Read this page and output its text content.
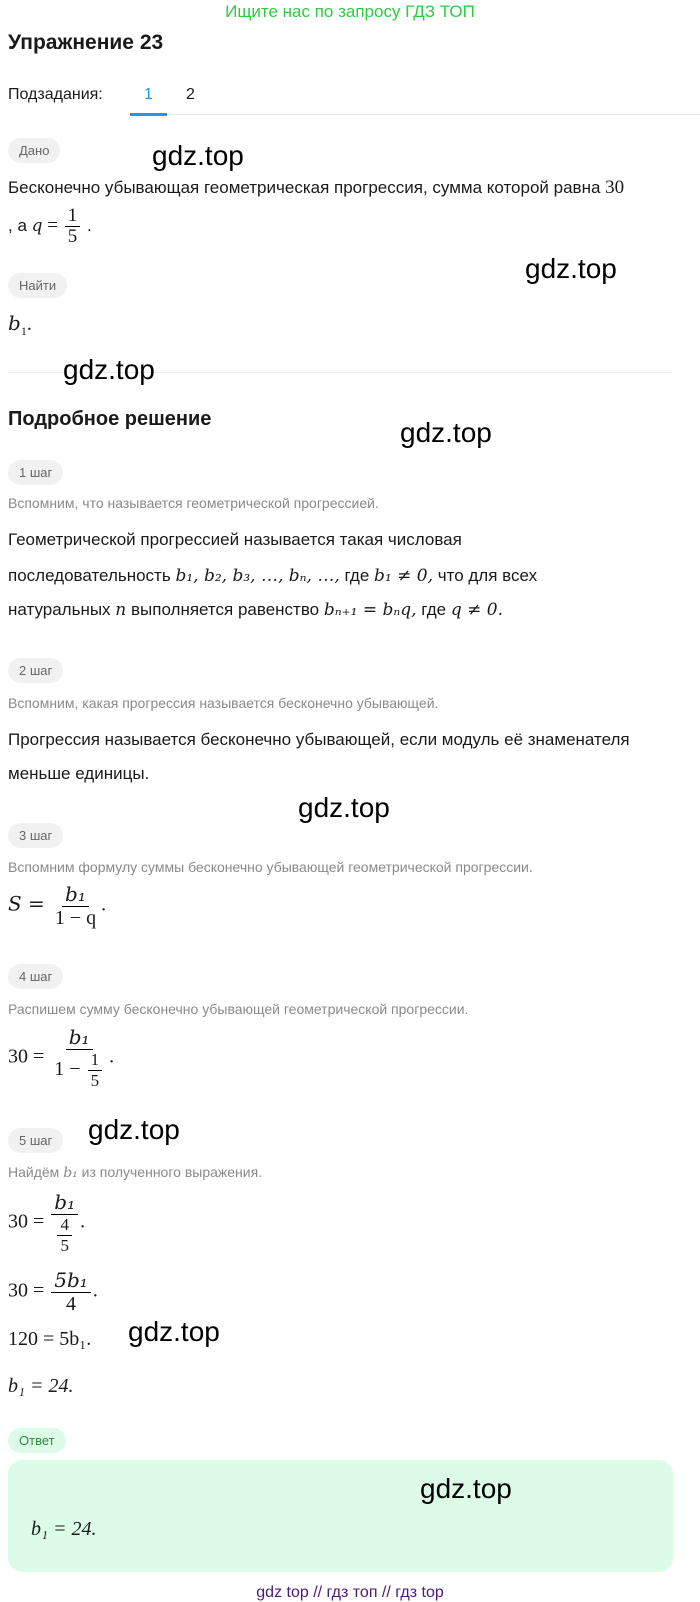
Ищите нас по запросу ГДЗ ТОП
Упражнение 23
Подзадания:	1	2
Дано	gdz.top
Бесконечно убывающая геометрическая прогрессия, сумма которой равна 30
, а $q = \frac{1}{5}$ .
Найти
gdz.top
$b_1$.
gdz.top
Подробное решение	gdz.top
1 шаг
Вспомним, что называется геометрической прогрессией.
Геометрической прогрессией называется такая числовая
последовательность b₁, b₂, b₃, …, bₙ, …, где b₁ ≠ 0, что для всех
натуральных n выполняется равенство bₙ₊₁ = bₙq, где q ≠ 0.
2 шаг
Вспомним, какая прогрессия называется бесконечно убывающей.
Прогрессия называется бесконечно убывающей, если модуль её знаменателя
меньше единицы.
gdz.top
3 шаг
Вспомним формулу суммы бесконечно убывающей геометрической прогрессии.
$S = \frac{\text{b₁}}{1 - q}$ .
4 шаг
Распишем сумму бесконечно убывающей геометрической прогрессии.
$30 = \frac{\text{b₁}}{1 - \frac{1}{5}}$ .
5 шаг	gdz.top
Найдём b₁ из полученного выражения.
$30 = \frac{\text{b₁}}{\frac{4}{5}}$ .
$30 = \frac{\text{5b₁}}{4}$ .
120 = 5b₁. gdz.top
b₁ = 24.
Ответ
b₁ = 24.
gdz.top
gdz top // гдз топ // гдз top
